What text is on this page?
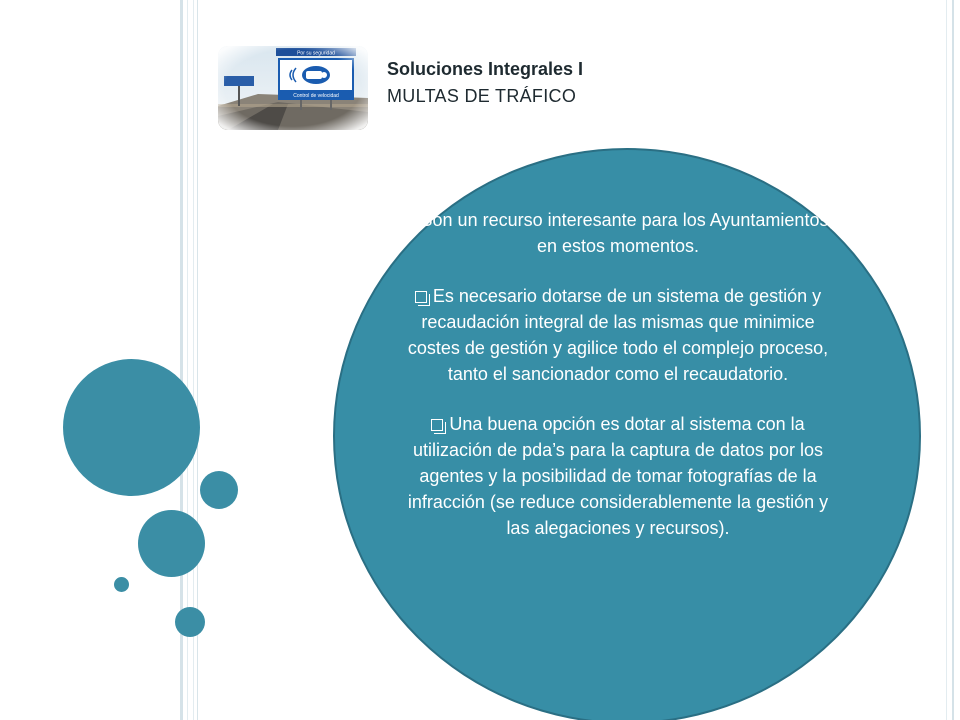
Soluciones Integrales I
MULTAS DE TRÁFICO

Son un recurso interesante para los Ayuntamientos, en estos momentos.

Es necesario dotarse de un sistema de gestión y recaudación integral de las mismas que minimice costes de gestión y agilice todo el complejo proceso, tanto el sancionador como el recaudatorio.

Una buena opción es dotar al sistema con la utilización de pda’s para la captura de datos por los agentes y la posibilidad de tomar fotografías de la infracción (se reduce considerablemente la gestión y las alegaciones y recursos).
